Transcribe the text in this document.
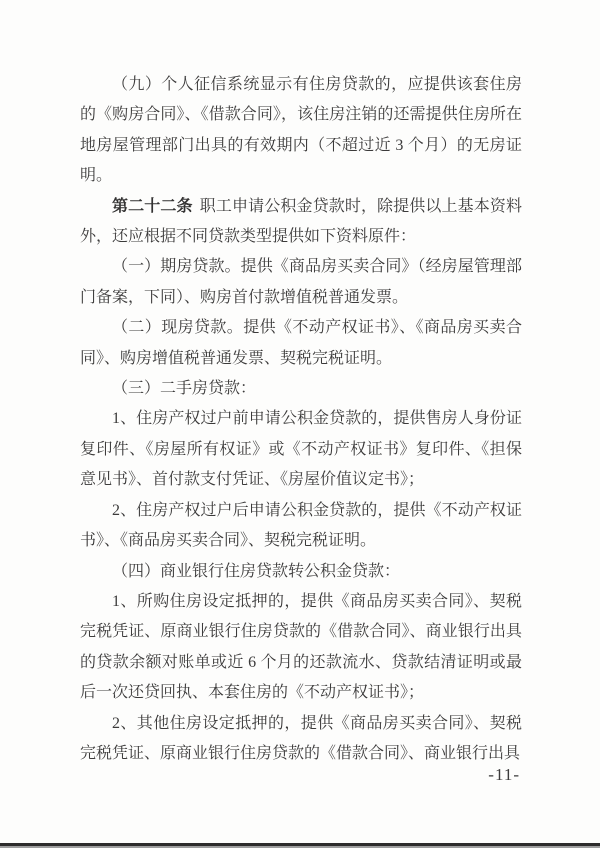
（九）个人征信系统显示有住房贷款的，应提供该套住房的《购房合同》、《借款合同》，该住房注销的还需提供住房所在地房屋管理部门出具的有效期内（不超过近 3 个月）的无房证明。

第二十二条 职工申请公积金贷款时，除提供以上基本资料外，还应根据不同贷款类型提供如下资料原件：

（一）期房贷款。提供《商品房买卖合同》（经房屋管理部门备案，下同）、购房首付款增值税普通发票。

（二）现房贷款。提供《不动产权证书》、《商品房买卖合同》、购房增值税普通发票、契税完税证明。

（三）二手房贷款：

1、住房产权过户前申请公积金贷款的，提供售房人身份证复印件、《房屋所有权证》或《不动产权证书》复印件、《担保意见书》、首付款支付凭证、《房屋价值议定书》；

2、住房产权过户后申请公积金贷款的，提供《不动产权证书》、《商品房买卖合同》、契税完税证明。

（四）商业银行住房贷款转公积金贷款：

1、所购住房设定抵押的，提供《商品房买卖合同》、契税完税凭证、原商业银行住房贷款的《借款合同》、商业银行出具的贷款余额对账单或近 6 个月的还款流水、贷款结清证明或最后一次还贷回执、本套住房的《不动产权证书》；

2、其他住房设定抵押的，提供《商品房买卖合同》、契税完税凭证、原商业银行住房贷款的《借款合同》、商业银行出具

-11-
